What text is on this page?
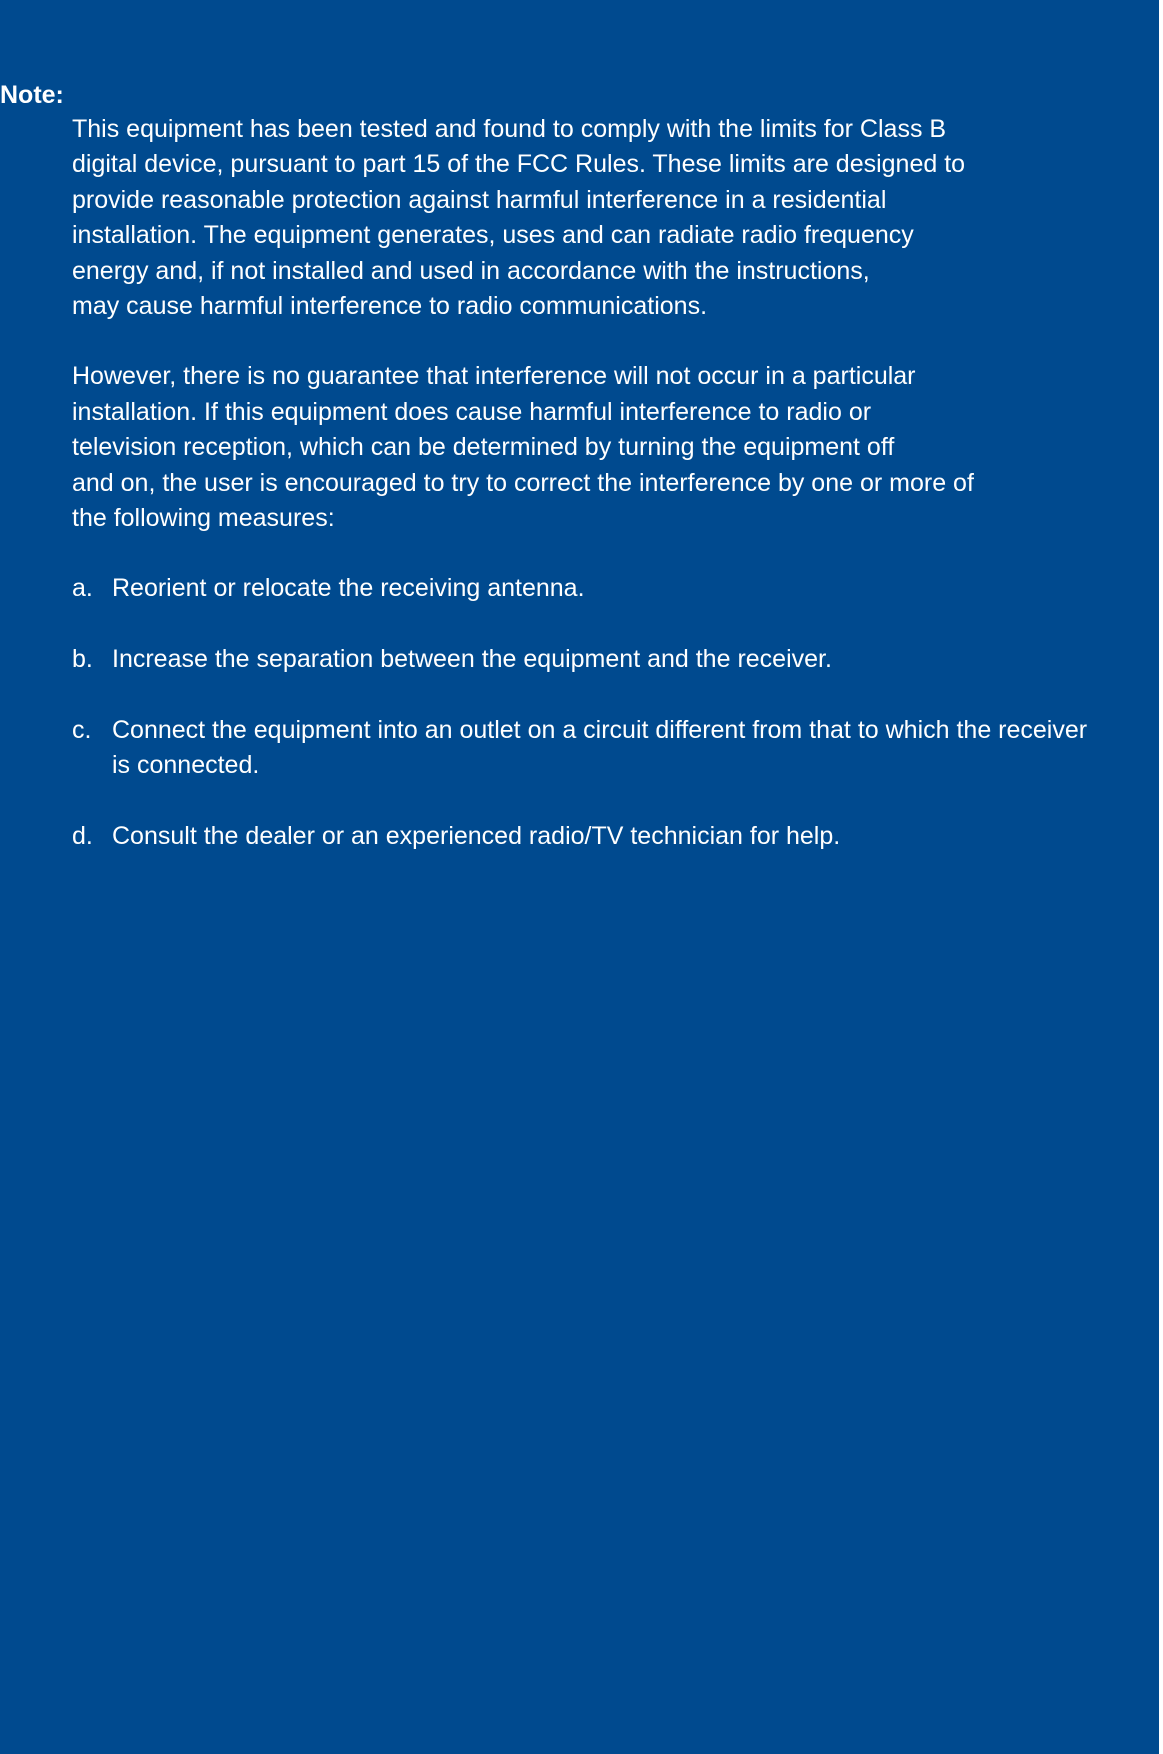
Note:

This equipment has been tested and found to comply with the limits for Class B
digital device, pursuant to part 15 of the FCC Rules. These limits are designed to
provide reasonable protection against harmful interference in a residential
installation. The equipment generates, uses and can radiate radio frequency
energy and, if not installed and used in accordance with the instructions,
may cause harmful interference to radio communications.

However, there is no guarantee that interference will not occur in a particular
installation. If this equipment does cause harmful interference to radio or
television reception, which can be determined by turning the equipment off
and on, the user is encouraged to try to correct the interference by one or more of
the following measures:

a. Reorient or relocate the receiving antenna.
b. Increase the separation between the equipment and the receiver.
c. Connect the equipment into an outlet on a circuit different from that to which the receiver is connected.
d. Consult the dealer or an experienced radio/TV technician for help.
